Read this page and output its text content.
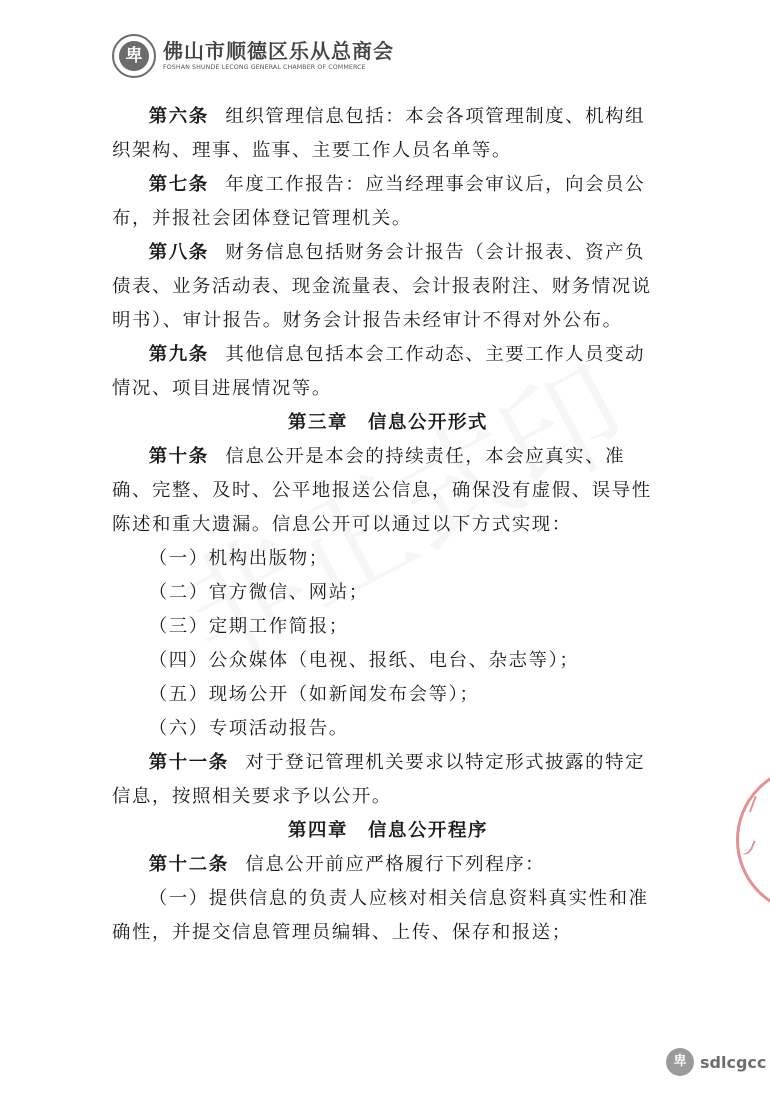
卑	佛山市顺德区乐从总商会
FOSHAN SHUNDE LECONG GENERAL CHAMBER OF COMMERCE

第六条 组织管理信息包括：本会各项管理制度、机构组织架构、理事、监事、主要工作人员名单等。

第七条 年度工作报告：应当经理事会审议后，向会员公布，并报社会团体登记管理机关。

第八条 财务信息包括财务会计报告（会计报表、资产负债表、业务活动表、现金流量表、会计报表附注、财务情况说明书）、审计报告。财务会计报告未经审计不得对外公布。

第九条 其他信息包括本会工作动态、主要工作人员变动情况、项目进展情况等。

第三章　信息公开形式

第十条 信息公开是本会的持续责任，本会应真实、准确、完整、及时、公平地报送公信息，确保没有虚假、误导性陈述和重大遗漏。信息公开可以通过以下方式实现：

（一）机构出版物；

（二）官方微信、网站；

（三）定期工作简报；

（四）公众媒体（电视、报纸、电台、杂志等）；

（五）现场公开（如新闻发布会等）；

（六）专项活动报告。

第十一条 对于登记管理机关要求以特定形式披露的特定信息，按照相关要求予以公开。

第四章　信息公开程序

第十二条 信息公开前应严格履行下列程序：

（一）提供信息的负责人应核对相关信息资料真实性和准确性，并提交信息管理员编辑、上传、保存和报送；

丨
丿
卑 sdlcgcc
